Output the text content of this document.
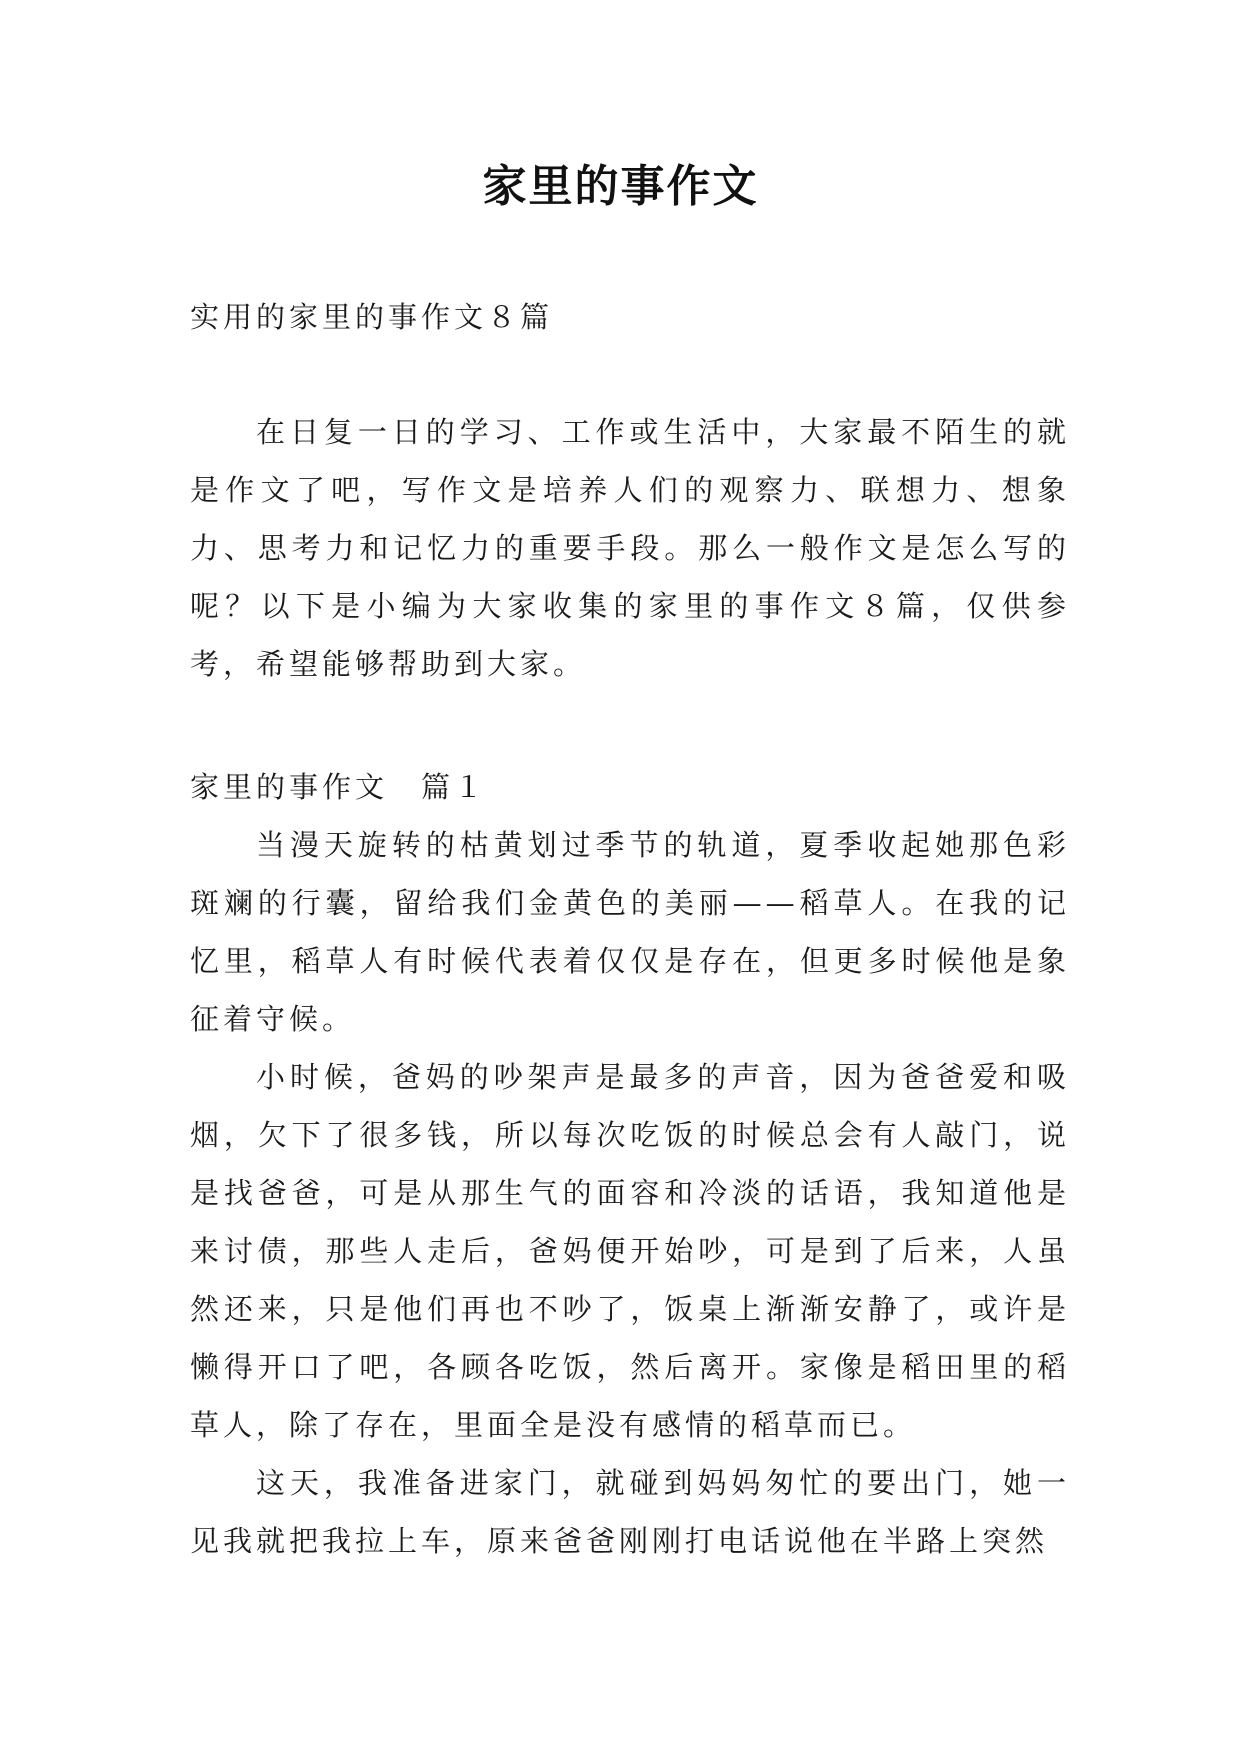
家里的事作文
实用的家里的事作文８篇

在日复一日的学习、工作或生活中，大家最不陌生的就是作文了吧，写作文是培养人们的观察力、联想力、想象力、思考力和记忆力的重要手段。那么一般作文是怎么写的呢？以下是小编为大家收集的家里的事作文８篇，仅供参考，希望能够帮助到大家。

家里的事作文　篇１

当漫天旋转的枯黄划过季节的轨道，夏季收起她那色彩斑斓的行囊，留给我们金黄色的美丽——稻草人。在我的记忆里，稻草人有时候代表着仅仅是存在，但更多时候他是象征着守候。

小时候，爸妈的吵架声是最多的声音，因为爸爸爱和吸烟，欠下了很多钱，所以每次吃饭的时候总会有人敲门，说是找爸爸，可是从那生气的面容和冷淡的话语，我知道他是来讨债，那些人走后，爸妈便开始吵，可是到了后来，人虽然还来，只是他们再也不吵了，饭桌上渐渐安静了，或许是懒得开口了吧，各顾各吃饭，然后离开。家像是稻田里的稻草人，除了存在，里面全是没有感情的稻草而已。

这天，我准备进家门，就碰到妈妈匆忙的要出门，她一见我就把我拉上车，原来爸爸刚刚打电话说他在半路上突然
